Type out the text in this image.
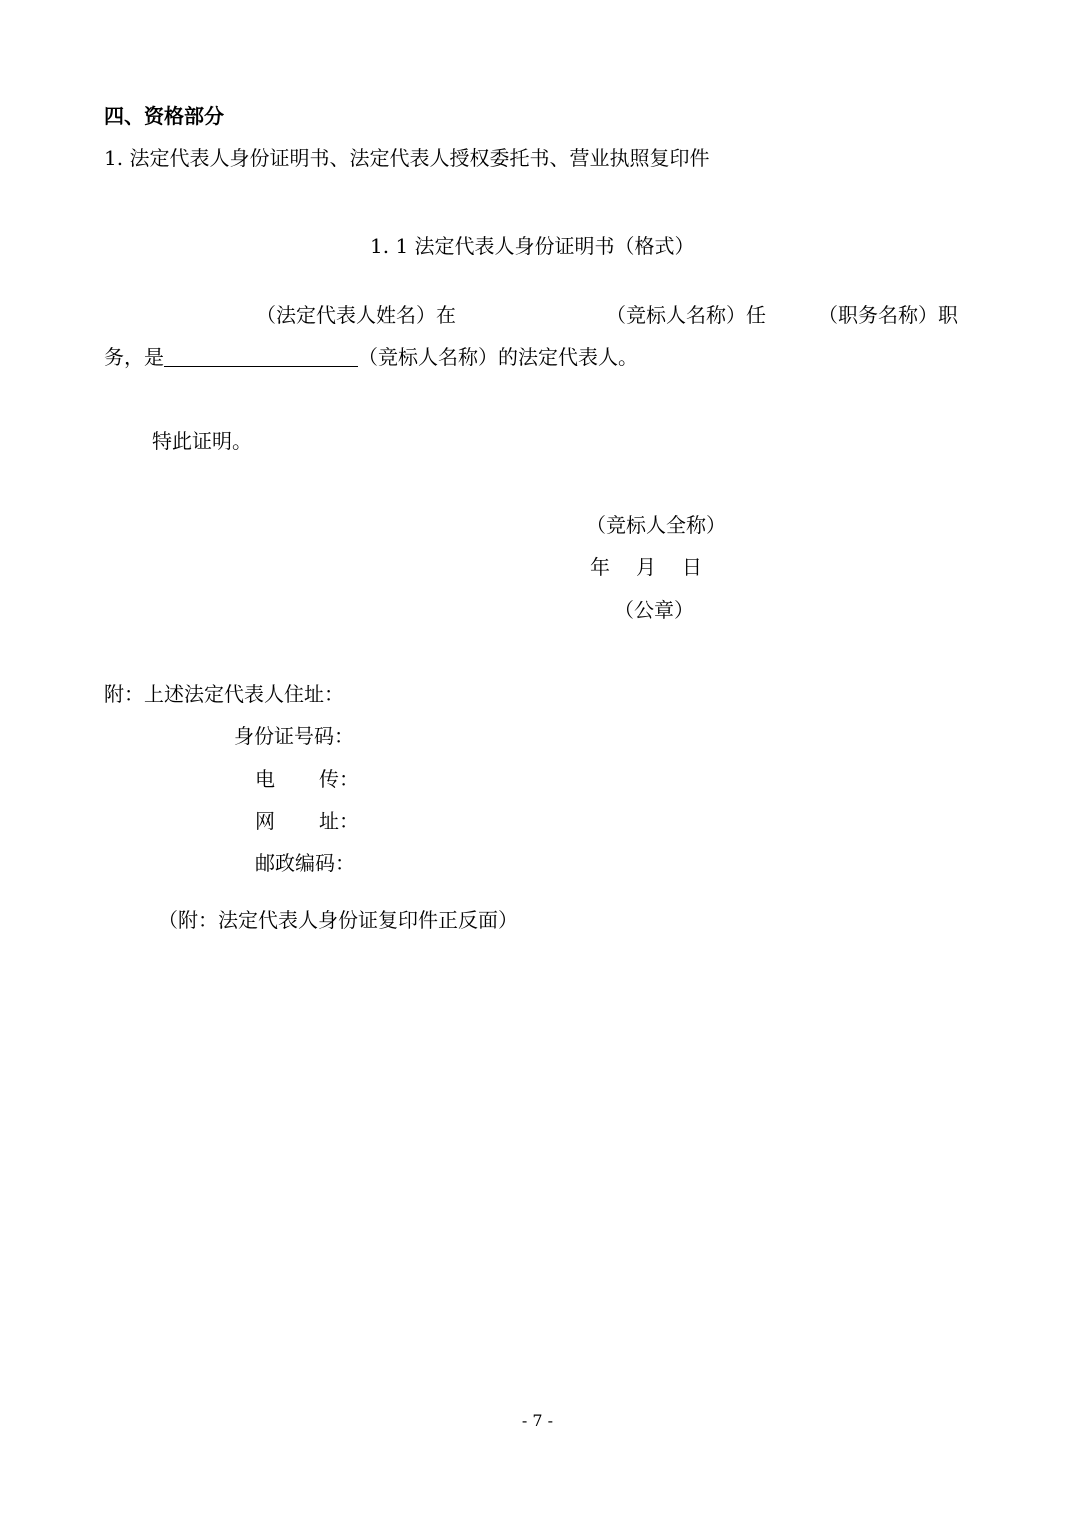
四、资格部分
1. 法定代表人身份证明书、法定代表人授权委托书、营业执照复印件
1. 1 法定代表人身份证明书（格式）
（法定代表人姓名）在	（竞标人名称）任	（职务名称）职
务，是	（竞标人名称）的法定代表人。
特此证明。
（竞标人全称）
年 月 日
（公章）
附：上述法定代表人住址：
身份证号码：
电 传：
网 址：
邮政编码：
（附：法定代表人身份证复印件正反面）
- 7 -
